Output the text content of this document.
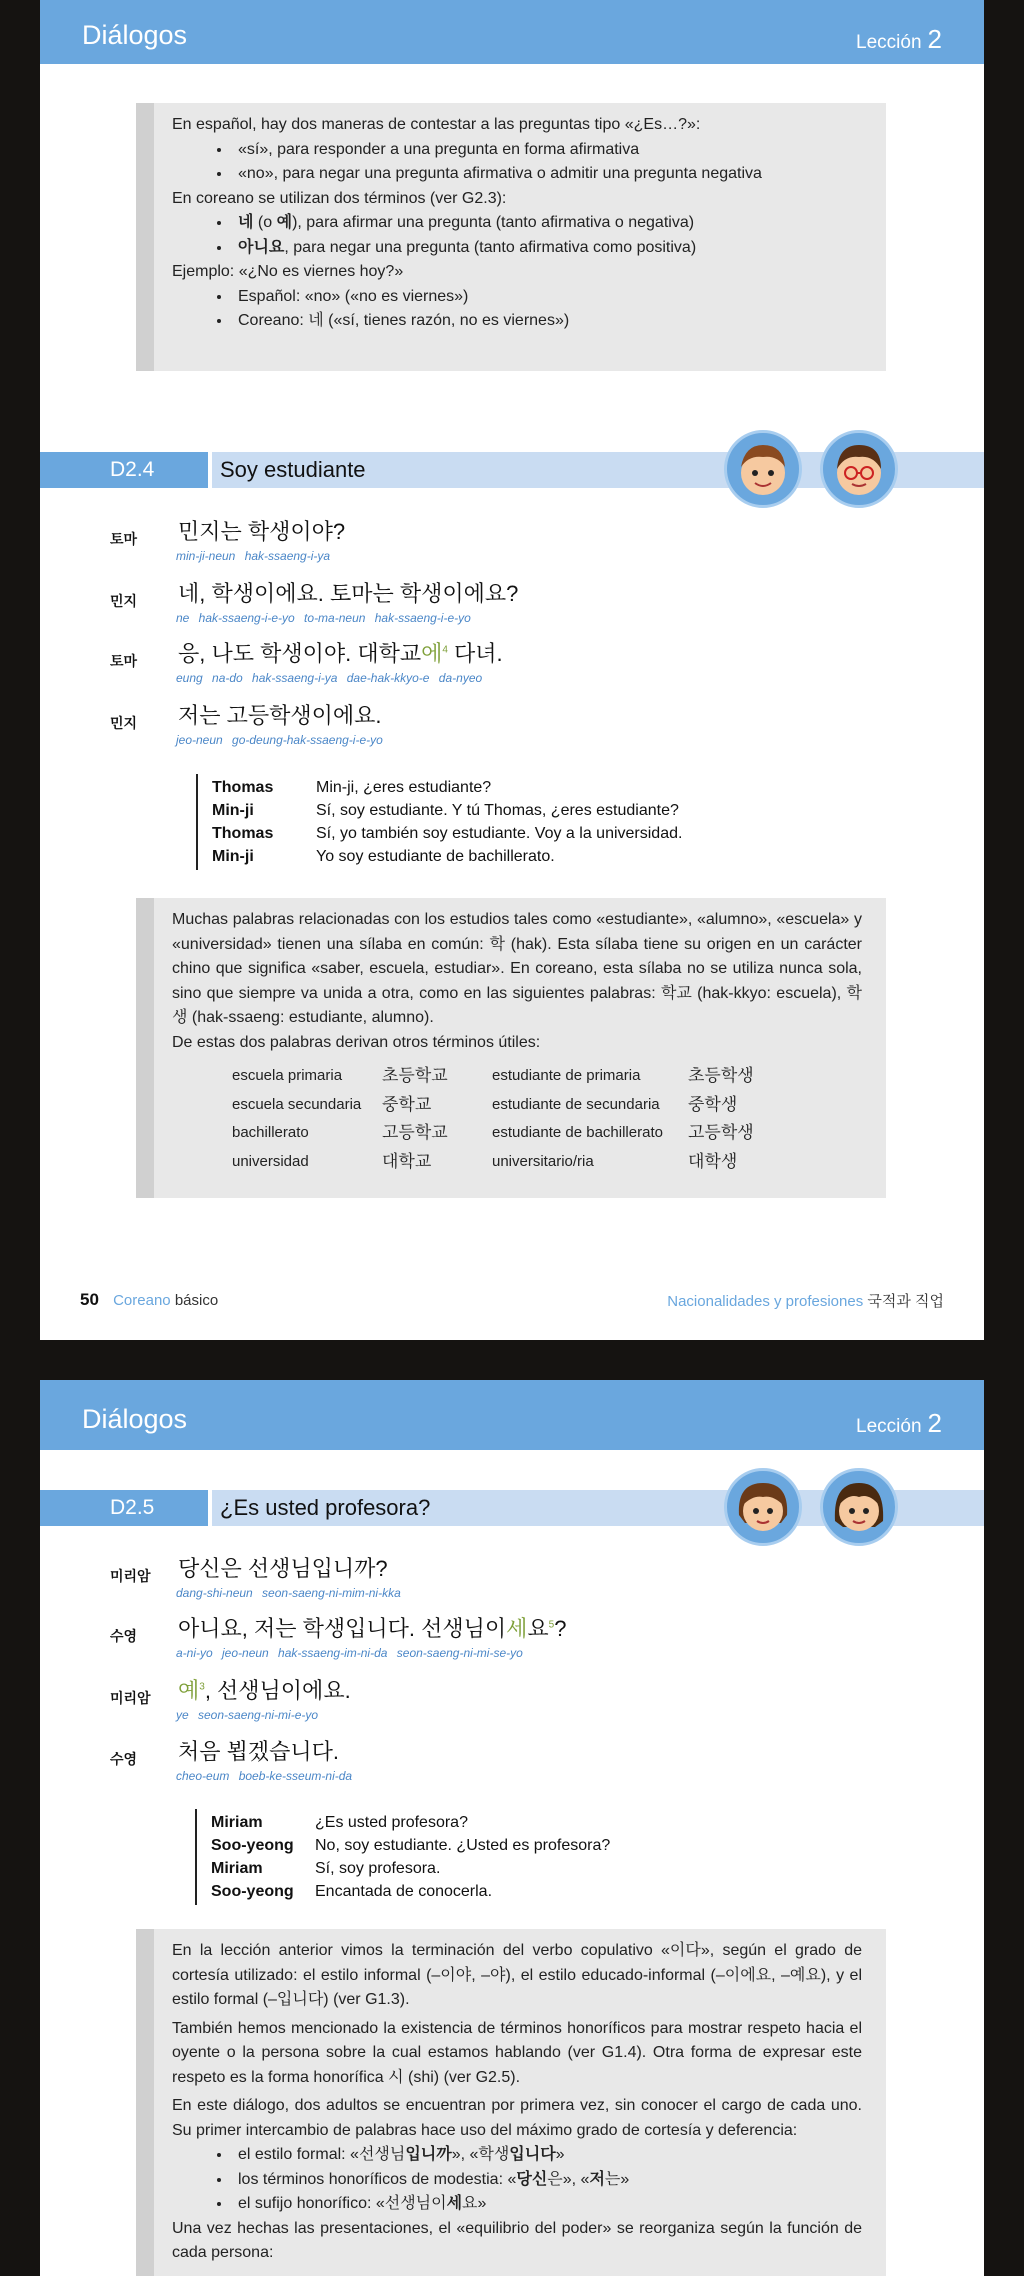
Diálogos	Lección 2

En español, hay dos maneras de contestar a las preguntas tipo «¿Es…?»:

• «sí», para responder a una pregunta en forma afirmativa
• «no», para negar una pregunta afirmativa o admitir una pregunta negativa

En coreano se utilizan dos términos (ver G2.3):

• 네 (o 예), para afirmar una pregunta (tanto afirmativa o negativa)
• 아니요, para negar una pregunta (tanto afirmativa como positiva)

Ejemplo: «¿No es viernes hoy?»

• Español: «no» («no es viernes»)
• Coreano: 네 («sí, tienes razón, no es viernes»)
D2.4	Soy estudiante
토마 민지는 학생이야?
min-ji-neun hak-ssaeng-i-ya
민지 네, 학생이에요. 토마는 학생이에요?
ne hak-ssaeng-i-e-yo to-ma-neun hak-ssaeng-i-e-yo
토마 응, 나도 학생이야. 대학교에$^4$ 다녀.
eung na-do hak-ssaeng-i-ya dae-hak-kkyo-e da-nyeo
민지 저는 고등학생이에요.
jeo-neun go-deung-hak-ssaeng-i-e-yo
Thomas	Min-ji, ¿eres estudiante?
Min-ji	Sí, soy estudiante. Y tú Thomas, ¿eres estudiante?
Thomas	Sí, yo también soy estudiante. Voy a la universidad.
Min-ji	Yo soy estudiante de bachillerato.

Muchas palabras relacionadas con los estudios tales como «estudiante», «alumno», «escuela» y «universidad» tienen una sílaba en común: 학 (hak). Esta sílaba tiene su origen en un carácter chino que significa «saber, escuela, estudiar». En coreano, esta sílaba no se utiliza nunca sola, sino que siempre va unida a otra, como en las siguientes palabras: 학교 (hak-kkyo: escuela), 학생 (hak-ssaeng: estudiante, alumno).

De estas dos palabras derivan otros términos útiles:

escuela primaria	초등학교	estudiante de primaria	초등학생
escuela secundaria	중학교	estudiante de secundaria	중학생
bachillerato	고등학교	estudiante de bachillerato	고등학생
universidad	대학교	universitario/ria	대학생
50 Coreano básico	Nacionalidades y profesiones 국적과 직업
Diálogos	Lección 2
D2.5	¿Es usted profesora?
미리암 당신은 선생님입니까?
dang-shi-neun seon-saeng-ni-mim-ni-kka
수영 아니요, 저는 학생입니다. 선생님이세요$^5$?
a-ni-yo jeo-neun hak-ssaeng-im-ni-da seon-saeng-ni-mi-se-yo
미리암 예$^3$, 선생님이에요.
ye seon-saeng-ni-mi-e-yo
수영 처음 뵙겠습니다.
cheo-eum boeb-ke-sseum-ni-da
Miriam	¿Es usted profesora?
Soo-yeong	No, soy estudiante. ¿Usted es profesora?
Miriam	Sí, soy profesora.
Soo-yeong	Encantada de conocerla.

En la lección anterior vimos la terminación del verbo copulativo «이다», según el grado de cortesía utilizado: el estilo informal (–이야, –야), el estilo educado-informal (–이에요, –예요), y el estilo formal (–입니다) (ver G1.3).

También hemos mencionado la existencia de términos honoríficos para mostrar respeto hacia el oyente o la persona sobre la cual estamos hablando (ver G1.4). Otra forma de expresar este respeto es la forma honorífica 시 (shi) (ver G2.5).

En este diálogo, dos adultos se encuentran por primera vez, sin conocer el cargo de cada uno. Su primer intercambio de palabras hace uso del máximo grado de cortesía y deferencia:

• el estilo formal: «선생님입니까», «학생입니다»
• los términos honoríficos de modestia: «당신은», «저는»
• el sufijo honorífico: «선생님이세요»

Una vez hechas las presentaciones, el «equilibrio del poder» se reorganiza según la función de cada persona:
